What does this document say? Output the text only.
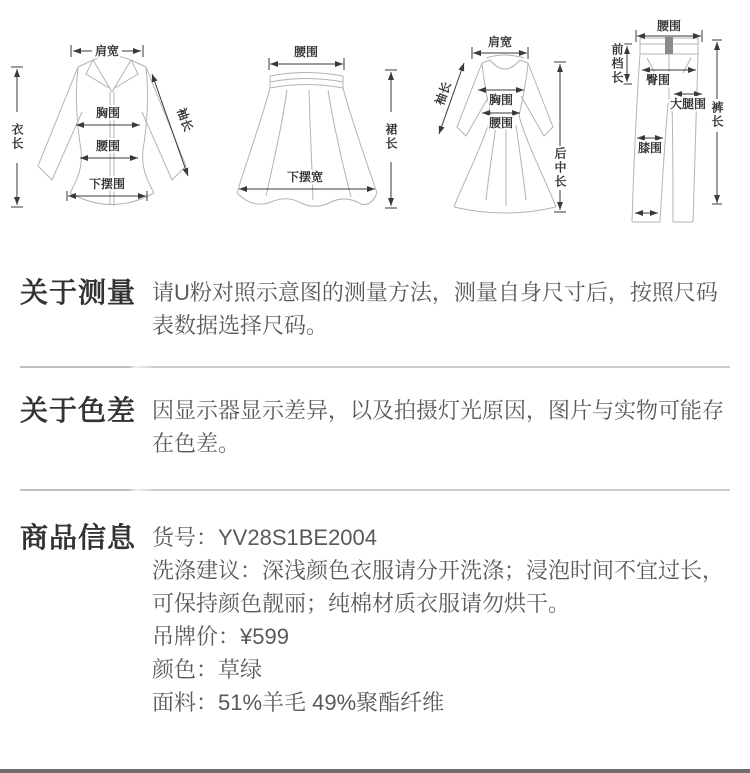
肩宽
衣长
袖长
胸围
腰围
下摆围
腰围
裙长
下摆宽
肩宽
袖长	胸围
腰围
后中长
腰围
前档长 臀围
大腿围
膝围
裤长
关于测量 请U粉对照示意图的测量方法，测量自身尺寸后，按照尺码表数据选择尺码。

关于色差 因显示器显示差异，以及拍摄灯光原因，图片与实物可能存在色差。

商品信息 货号：YV28S1BE2004

洗涤建议：深浅颜色衣服请分开洗涤；浸泡时间不宜过长，可保持颜色靓丽；纯棉材质衣服请勿烘干。

吊牌价：¥599

颜色：草绿

面料：51%羊毛 49%聚酯纤维
